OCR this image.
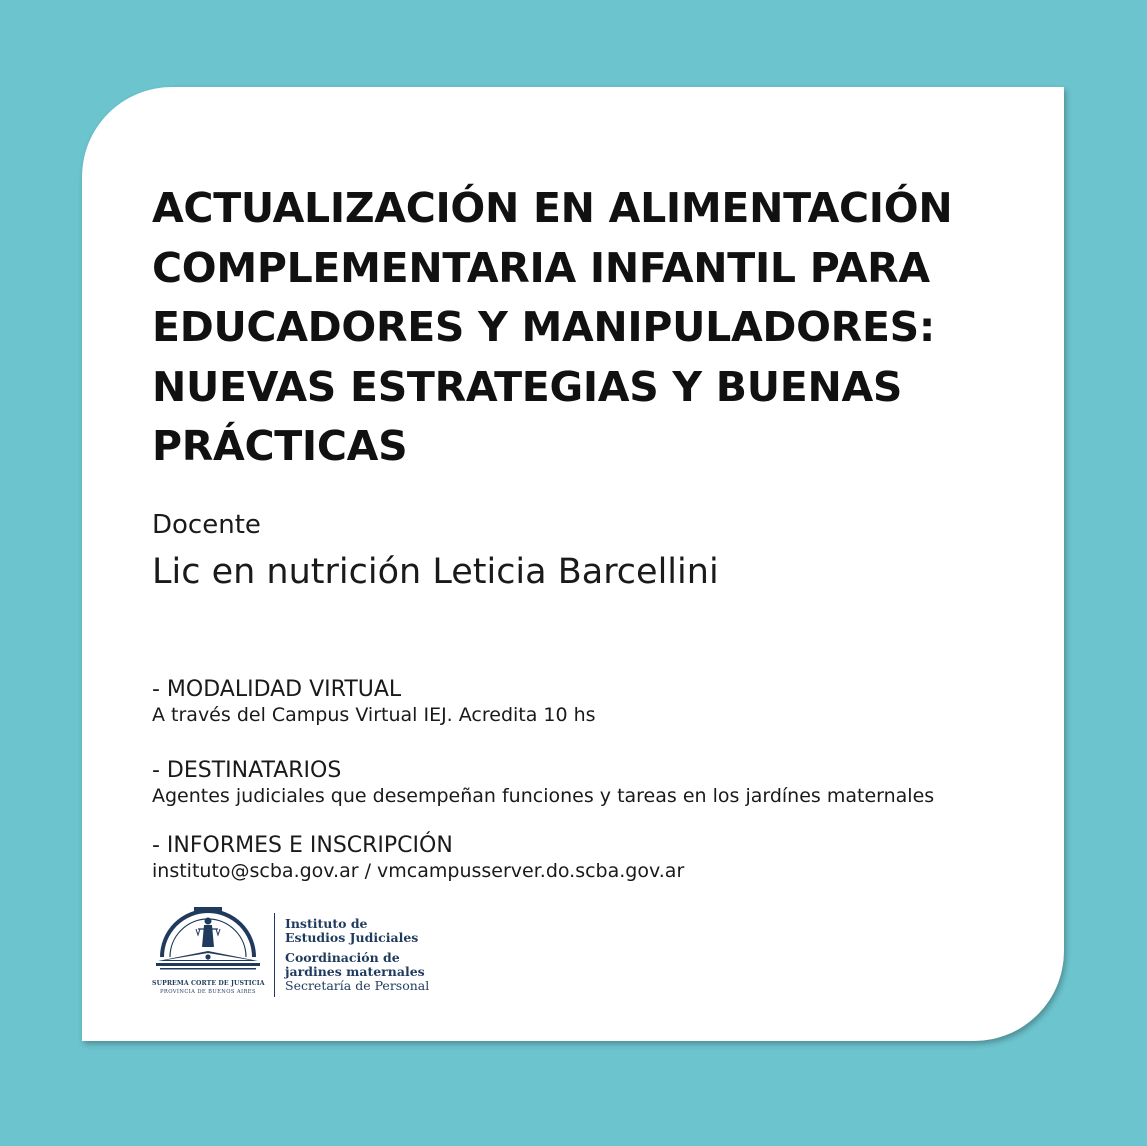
ACTUALIZACIÓN EN ALIMENTACIÓN
COMPLEMENTARIA INFANTIL PARA
EDUCADORES Y MANIPULADORES:
NUEVAS ESTRATEGIAS Y BUENAS
PRÁCTICAS
Docente
Lic en nutrición Leticia Barcellini
- MODALIDAD VIRTUAL
A través del Campus Virtual IEJ. Acredita 10 hs
- DESTINATARIOS
Agentes judiciales que desempeñan funciones y tareas en los jardínes maternales
- INFORMES E INSCRIPCIÓN
instituto@scba.gov.ar / vmcampusserver.do.scba.gov.ar
SUPREMA CORTE DE JUSTICIA
PROVINCIA DE BUENOS AIRES
Instituto de
Estudios Judiciales
Coordinación de
jardines maternales
Secretaría de Personal
